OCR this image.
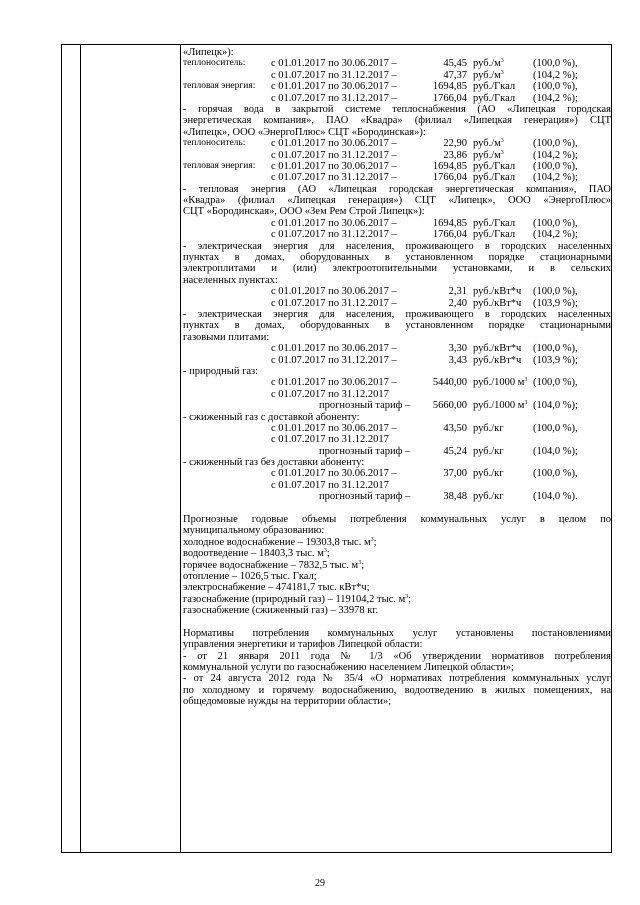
«Липецк»):
теплоноситель: с 01.01.2017 по 30.06.2017 –	45,45 $руб./м^3$	(100,0 %),
с 01.07.2017 по 31.12.2017 –	47,37 $руб./м^3$	(104,2 %);
тепловая энергия: с 01.01.2017 по 30.06.2017 –	1694,85 руб./Гкал (100,0 %),
с 01.07.2017 по 31.12.2017 –	1766,04 руб./Гкал (104,2 %);
- горячая вода в закрытой системе теплоснабжения (АО «Липецкая городская
энергетическая компания», ПАО «Квадра» (филиал «Липецкая генерация») СЦТ
«Липецк», ООО «ЭнергоПлюс» СЦТ «Бородинская»):
теплоноситель: с 01.01.2017 по 30.06.2017 –	22,90 $руб./м^3$	(100,0 %),
с 01.07.2017 по 31.12.2017 –	23,86 $руб./м^3$	(104,2 %);
тепловая энергия: с 01.01.2017 по 30.06.2017 –	1694,85 руб./Гкал (100,0 %),
с 01.07.2017 по 31.12.2017 –	1766,04 руб./Гкал (104,2 %);
- тепловая энергия (АО «Липецкая городская энергетическая компания», ПАО
«Квадра» (филиал «Липецкая генерация») СЦТ «Липецк», ООО «ЭнергоПлюс»
СЦТ «Бородинская», ООО «Зем Рем Строй Липецк»):
с 01.01.2017 по 30.06.2017 –	1694,85 руб./Гкал (100,0 %),
с 01.07.2017 по 31.12.2017 –	1766,04 руб./Гкал (104,2 %);
- электрическая энергия для населения, проживающего в городских населенных
пунктах в домах, оборудованных в установленном порядке стационарными
электроплитами и (или) электроотопительными установками, и в сельских
населенных пунктах:
с 01.01.2017 по 30.06.2017 –	2,31 руб./кВт*ч (100,0 %),
с 01.07.2017 по 31.12.2017 –	2,40 руб./кВт*ч (103,9 %);
- электрическая энергия для населения, проживающего в городских населенных
пунктах в домах, оборудованных в установленном порядке стационарными
газовыми плитами:
с 01.01.2017 по 30.06.2017 –	3,30 руб./кВт*ч (100,0 %),
с 01.07.2017 по 31.12.2017 –	3,43 руб./кВт*ч (103,9 %);
- природный газ:
с 01.01.2017 по 30.06.2017 –	5440,00 руб./1000 $м^3$ (100,0 %),
с 01.07.2017 по 31.12.2017
прогнозный тариф –	5660,00 руб./1000 $м^3$ (104,0 %);
- сжиженный газ с доставкой абоненту:
с 01.01.2017 по 30.06.2017 –	43,50 руб./кг	(100,0 %),
с 01.07.2017 по 31.12.2017
прогнозный тариф –	45,24 руб./кг	(104,0 %);
- сжиженный газ без доставки абоненту:
с 01.01.2017 по 30.06.2017 –	37,00 руб./кг	(100,0 %),
с 01.07.2017 по 31.12.2017
прогнозный тариф –	38,48 руб./кг	(104,0 %).
Прогнозные годовые объемы потребления коммунальных услуг в целом по
муниципальному образованию:
холодное водоснабжение – 19303,8 тыс. $м^3$;
водоотведение – 18403,3 тыс. $м^3$;
горячее водоснабжение – 7832,5 тыс. $м^3$;
отопление – 1026,5 тыс. Гкал;
электроснабжение – 474181,7 тыс. кВт*ч;
газоснабжение (природный газ) – 119104,2 тыс. $м^3$;
газоснабжение (сжиженный газ) – 33978 кг.
Нормативы потребления коммунальных услуг установлены постановлениями
управления энергетики и тарифов Липецкой области:
- от 21 января 2011 года № 1/3 «Об утверждении нормативов потребления
коммунальной услуги по газоснабжению населением Липецкой области»;
- от 24 августа 2012 года № 35/4 «О нормативах потребления коммунальных услуг
по холодному и горячему водоснабжению, водоотведению в жилых помещениях, на
общедомовые нужды на территории области»;
29
